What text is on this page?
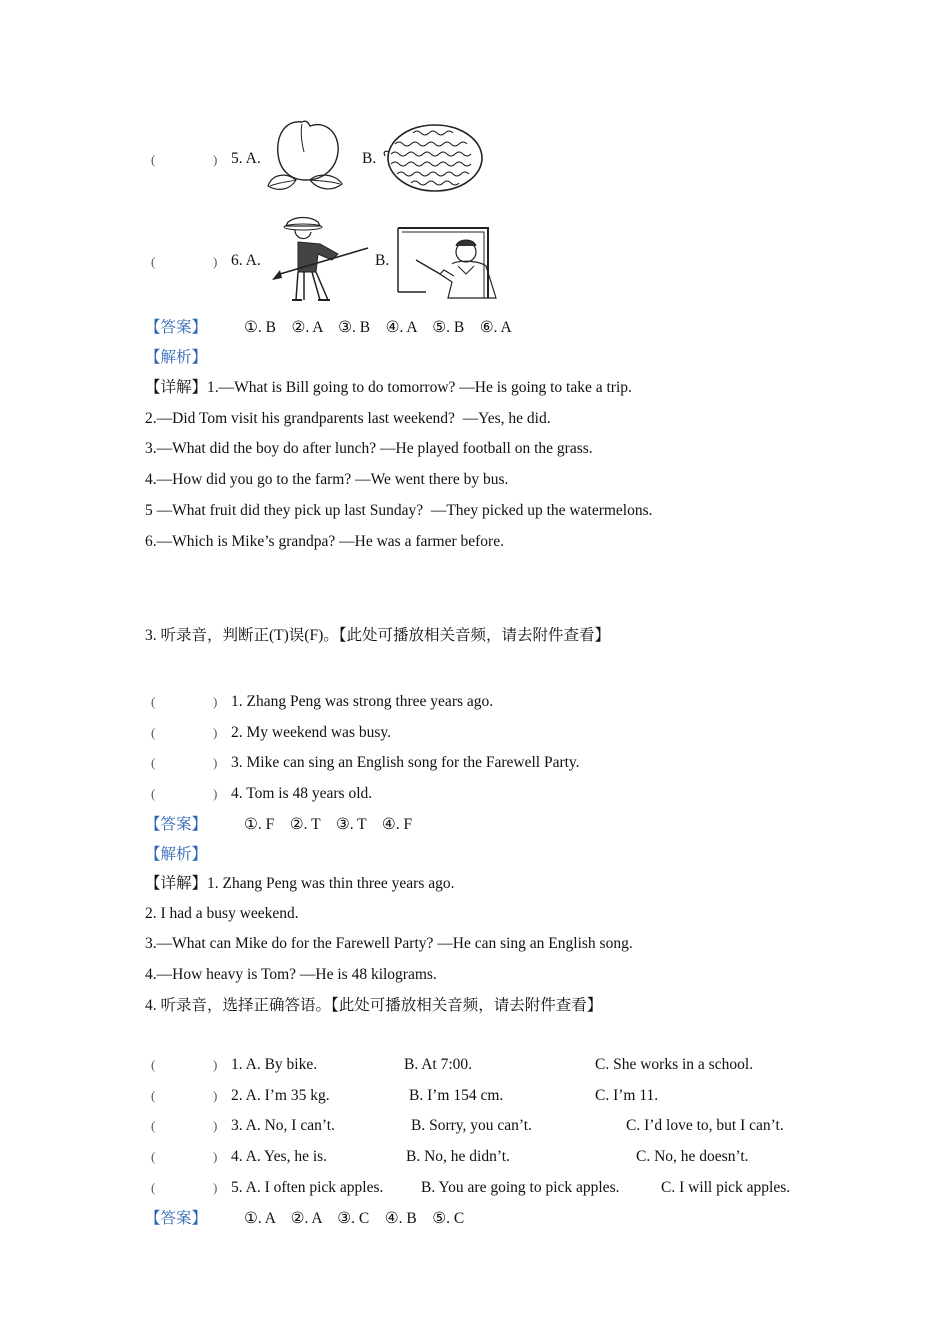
(	) 5. A.	B.
(	) 6. A.	B.
【答案】 ①. B    ②. A    ③. B    ④. A    ⑤. B    ⑥. A
【解析】
【详解】1.—What is Bill going to do tomorrow? —He is going to take a trip.
2.—Did Tom visit his grandparents last weekend?  —Yes, he did.
3.—What did the boy do after lunch? —He played football on the grass.
4.—How did you go to the farm? —We went there by bus.
5 —What fruit did they pick up last Sunday?  —They picked up the watermelons.
6.—Which is Mike’s grandpa? —He was a farmer before.
3. 听录音，判断正(T)误(F)。【此处可播放相关音频，请去附件查看】
(	) 1. Zhang Peng was strong three years ago.
(	) 2. My weekend was busy.
(	) 3. Mike can sing an English song for the Farewell Party.
(	) 4. Tom is 48 years old.
【答案】 ①. F    ②. T    ③. T    ④. F
【解析】
【详解】1. Zhang Peng was thin three years ago.
2. I had a busy weekend.
3.—What can Mike do for the Farewell Party? —He can sing an English song.
4.—How heavy is Tom? —He is 48 kilograms.
4. 听录音，选择正确答语。【此处可播放相关音频，请去附件查看】
(	) 1. A. By bike.	B. At 7:00.	C. She works in a school.
(	) 2. A. I’m 35 kg.	B. I’m 154 cm.	C. I’m 11.
(	) 3. A. No, I can’t.	B. Sorry, you can’t.	C. I’d love to, but I can’t.
(	) 4. A. Yes, he is.	B. No, he didn’t.	C. No, he doesn’t.
(	) 5. A. I often pick apples. B. You are going to pick apples.	C. I will pick apples.
【答案】 ①. A    ②. A    ③. C    ④. B    ⑤. C
